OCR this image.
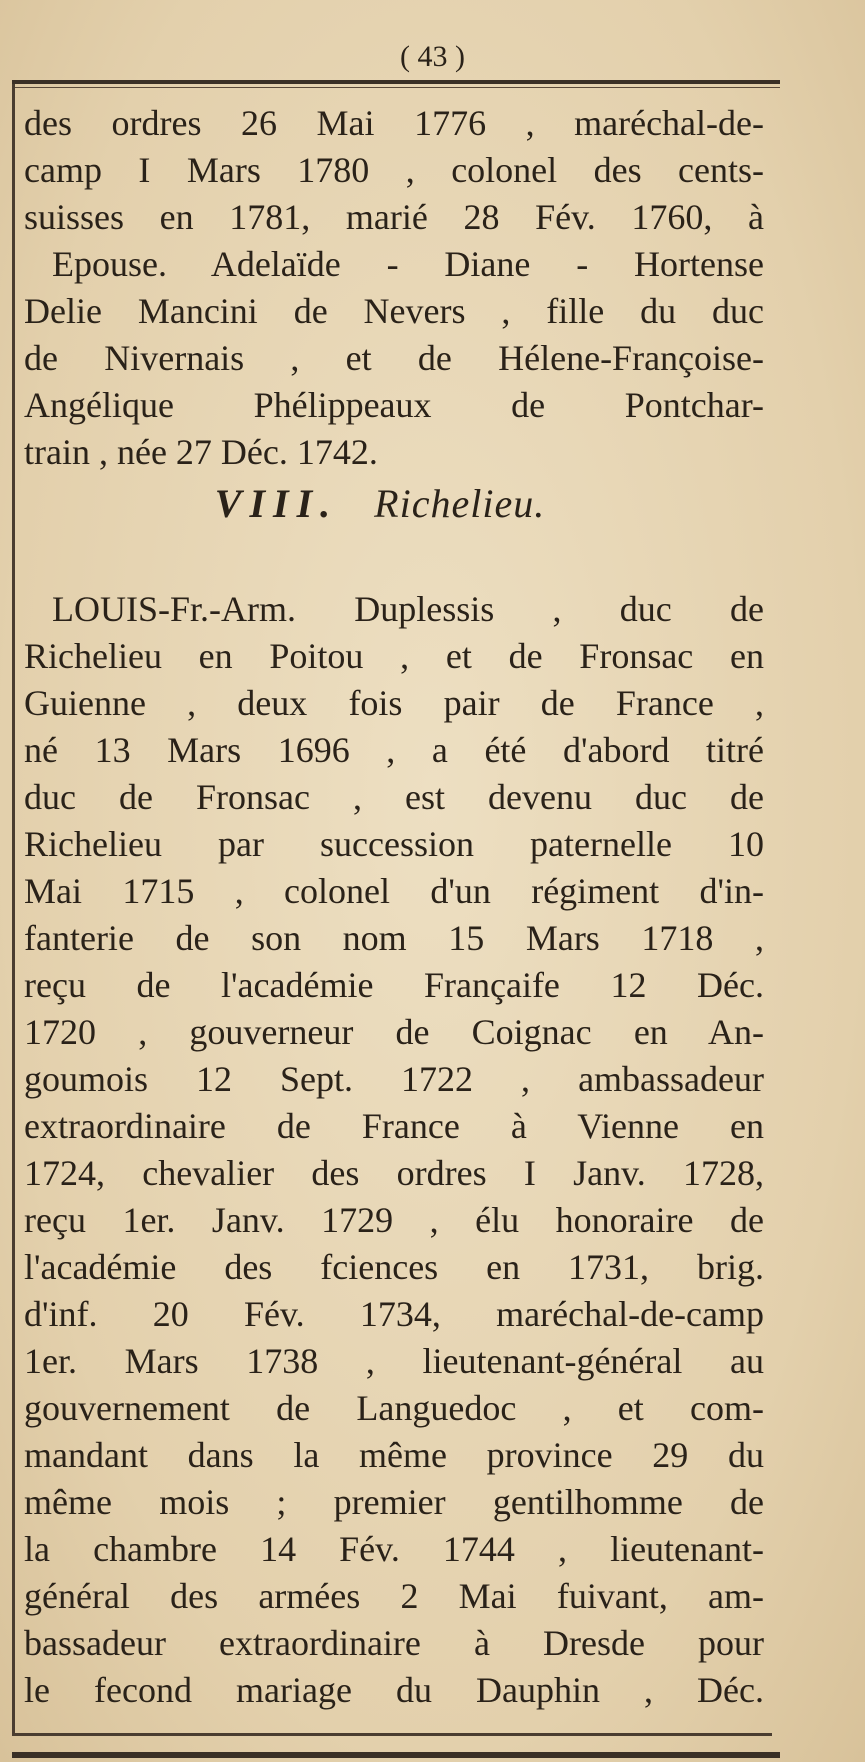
( 43 )
des ordres 26 Mai 1776 , maréchal-de-
camp I Mars 1780 , colonel des cents-
suisses en 1781, marié 28 Fév. 1760, à
Epouse. Adelaïde - Diane - Hortense
Delie Mancini de Nevers , fille du duc
de Nivernais , et de Hélene-Françoise-
Angélique Phélippeaux de Pontchar-
train , née 27 Déc. 1742.
VIII. Richelieu.
LOUIS-Fr.-Arm. Duplessis , duc de
Richelieu en Poitou , et de Fronsac en
Guienne , deux fois pair de France ,
né 13 Mars 1696 , a été d'abord titré
duc de Fronsac , est devenu duc de
Richelieu par succession paternelle 10
Mai 1715 , colonel d'un régiment d'in-
fanterie de son nom 15 Mars 1718 ,
reçu de l'académie Françaife 12 Déc.
1720 , gouverneur de Coignac en An-
goumois 12 Sept. 1722 , ambassadeur
extraordinaire de France à Vienne en
1724, chevalier des ordres I Janv. 1728,
reçu 1er. Janv. 1729 , élu honoraire de
l'académie des fciences en 1731, brig.
d'inf. 20 Fév. 1734, maréchal-de-camp
1er. Mars 1738 , lieutenant-général au
gouvernement de Languedoc , et com-
mandant dans la même province 29 du
même mois ; premier gentilhomme de
la chambre 14 Fév. 1744 , lieutenant-
général des armées 2 Mai fuivant, am-
bassadeur extraordinaire à Dresde pour
le fecond mariage du Dauphin , Déc.
